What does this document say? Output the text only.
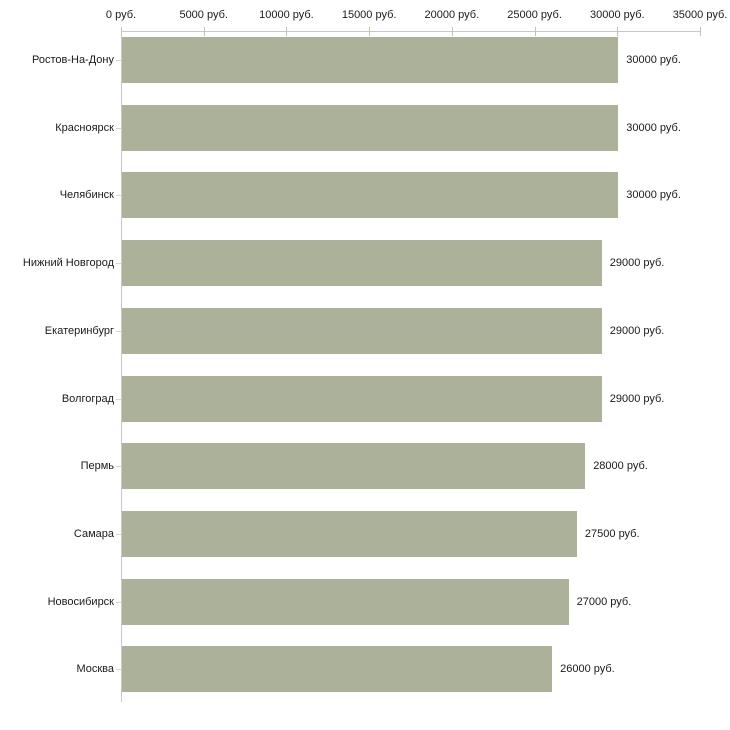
0 руб.	5000 руб.	10000 руб.	15000 руб.	20000 руб.	25000 руб.	30000 руб.	35000 руб.
Ростов-На-Дону	30000 руб.
Красноярск	30000 руб.
Челябинск	30000 руб.
Нижний Новгород	29000 руб.
Екатеринбург	29000 руб.
Волгоград	29000 руб.
Пермь	28000 руб.
Самара	27500 руб.
Новосибирск	27000 руб.
Москва	26000 руб.
